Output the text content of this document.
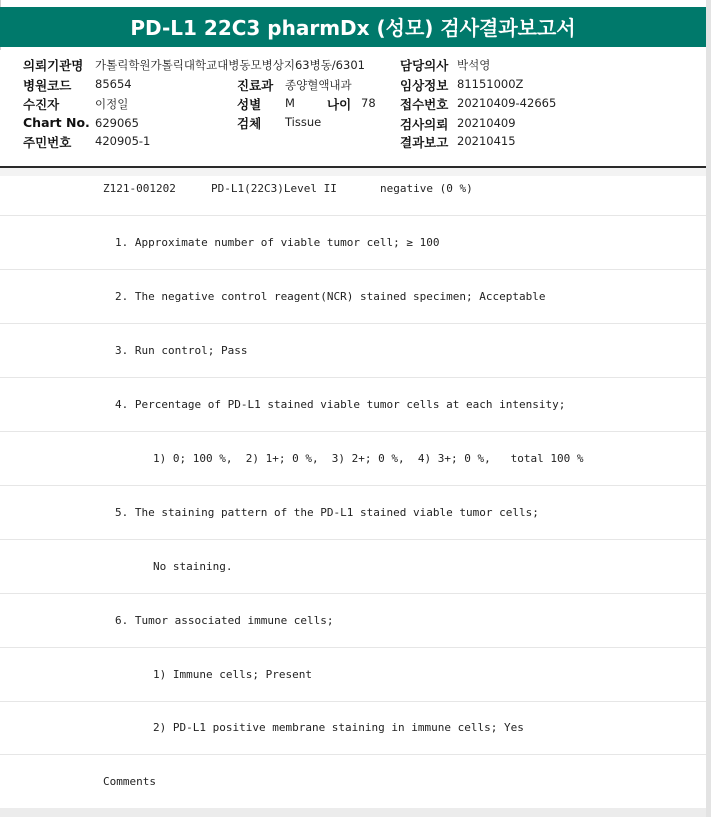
PD-L1 22C3 pharmDx (성모) 검사결과보고서
의뢰기관명 가톨릭학원가톨릭대학교대병동모병상지63병동/6301
병원코드 85654
수진자	이정일
Chart No. 629065
주민번호 420905-1
진료과 종양혈액내과
성별 M	나이 78
검체 Tissue
담당의사 박석영
임상정보 81151000Z
접수번호 20210409-42665
검사의뢰 20210409
결과보고 20210415
Z121-001202	PD-L1(22C3)Level II	negative (0 %)
1. Approximate number of viable tumor cell; ≥ 100
2. The negative control reagent(NCR) stained specimen; Acceptable
3. Run control; Pass
4. Percentage of PD-L1 stained viable tumor cells at each intensity;
1) 0; 100 %,  2) 1+; 0 %,  3) 2+; 0 %,  4) 3+; 0 %,   total 100 %
5. The staining pattern of the PD-L1 stained viable tumor cells;
No staining.
6. Tumor associated immune cells;
1) Immune cells; Present
2) PD-L1 positive membrane staining in immune cells; Yes
Comments
